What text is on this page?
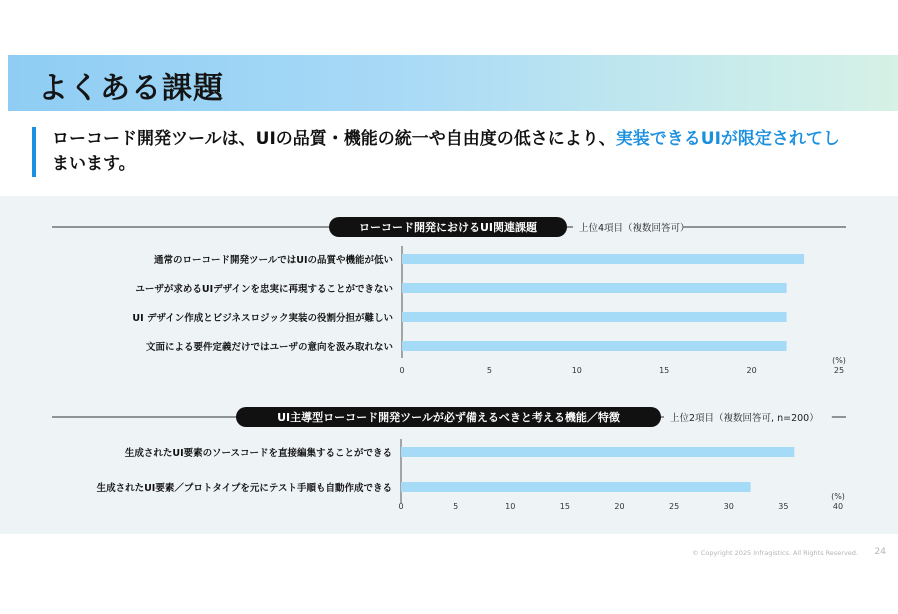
よくある課題
ローコード開発ツールは、UIの品質・機能の統一や自由度の低さにより、実装できるUIが限定されてし
まいます。
ローコード開発におけるUI関連課題	上位4項目（複数回答可）
通常のローコード開発ツールではUIの品質や機能が低い
ユーザが求めるUIデザインを忠実に再現することができない
UI デザイン作成とビジネスロジック実装の役割分担が難しい
文面による要件定義だけではユーザの意向を汲み取れない
0	5	10	15	20	25
(%)
UI主導型ローコード開発ツールが必ず備えるべきと考える機能／特徴	上位2項目（複数回答可, n=200）
生成されたUI要素のソースコードを直接編集することができる
生成されたUI要素／プロトタイプを元にテスト手順も自動作成できる
0	5	10	15	20	25	30	35	40
(%)
© Copyright 2025 Infragistics. All Rights Reserved. 24
